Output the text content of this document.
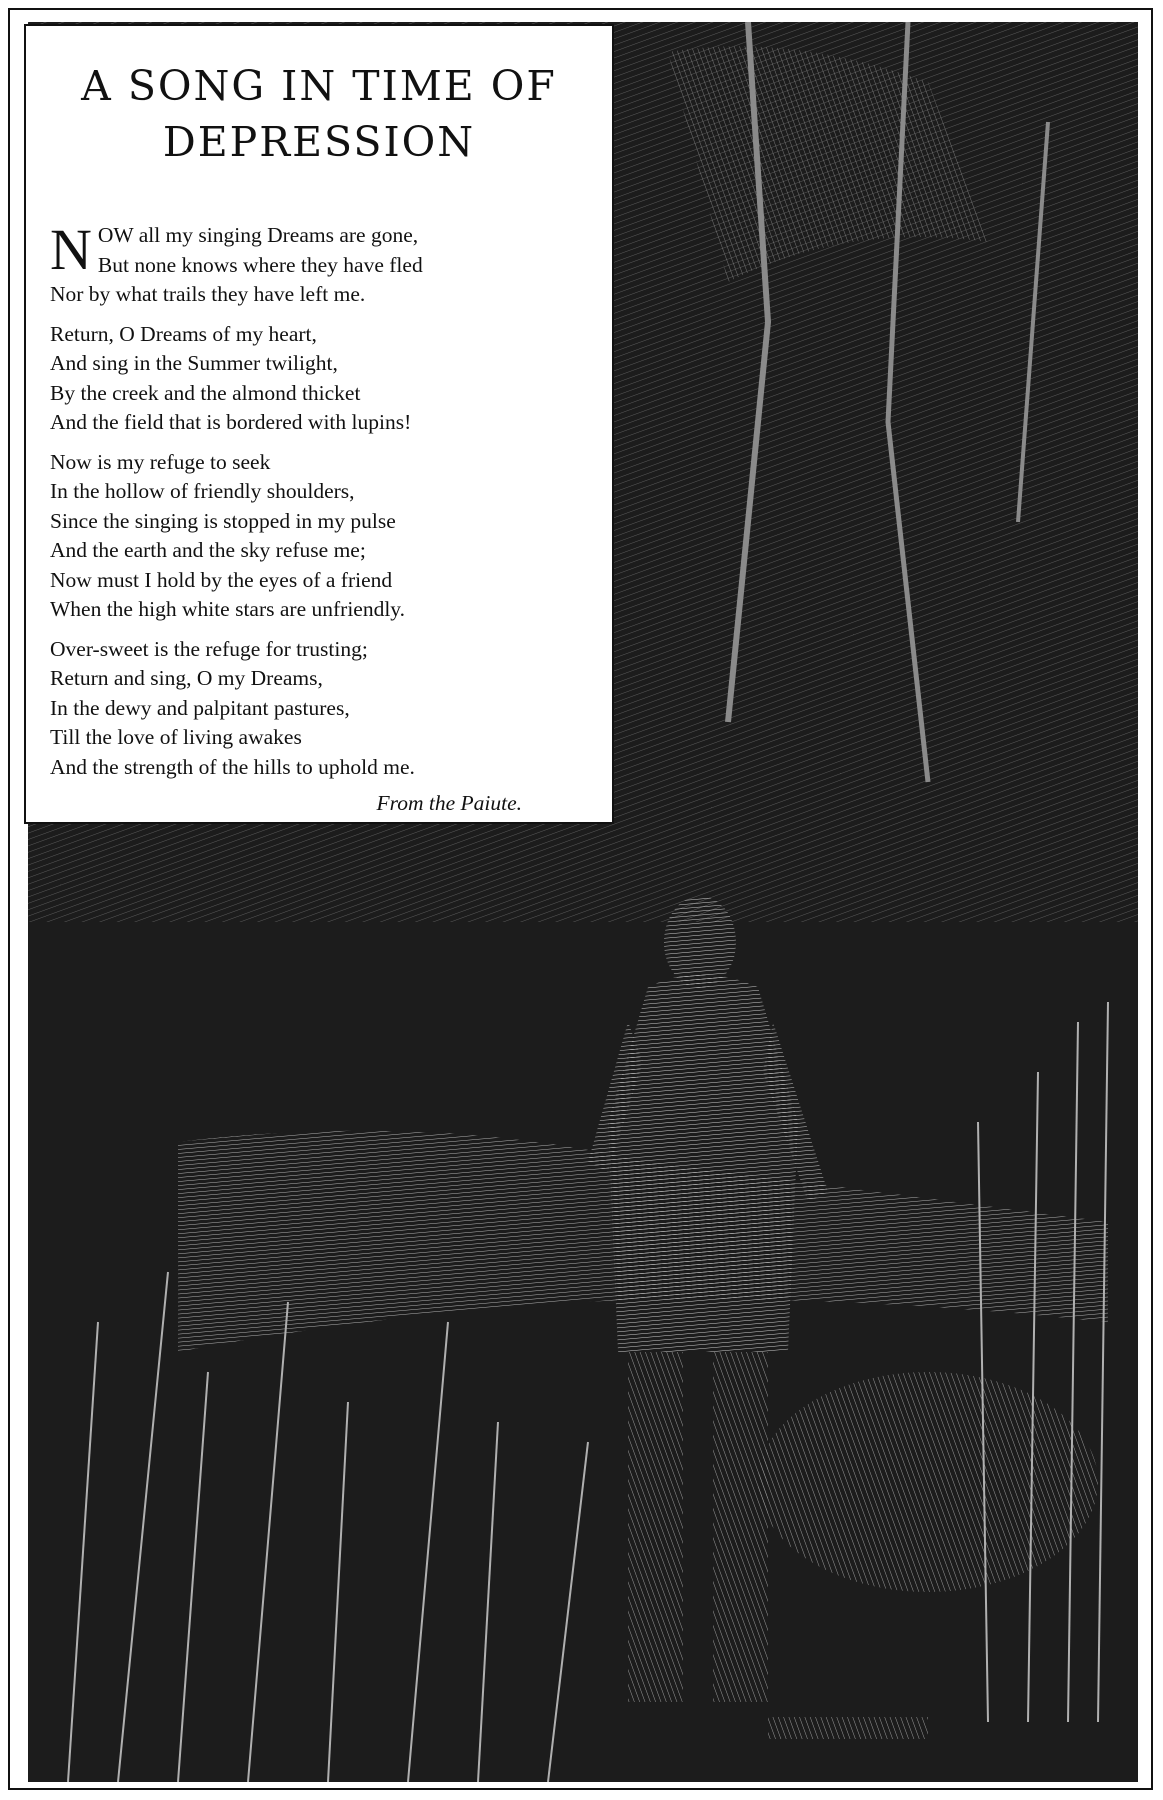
A SONG IN TIME OF
DEPRESSION
N OW all my singing Dreams are gone,
But none knows where they have fled
Nor by what trails they have left me.
Return, O Dreams of my heart,
And sing in the Summer twilight,
By the creek and the almond thicket
And the field that is bordered with lupins!
Now is my refuge to seek
In the hollow of friendly shoulders,
Since the singing is stopped in my pulse
And the earth and the sky refuse me;
Now must I hold by the eyes of a friend
When the high white stars are unfriendly.
Over-sweet is the refuge for trusting;
Return and sing, O my Dreams,
In the dewy and palpitant pastures,
Till the love of living awakes
And the strength of the hills to uphold me.
From the Paiute.
